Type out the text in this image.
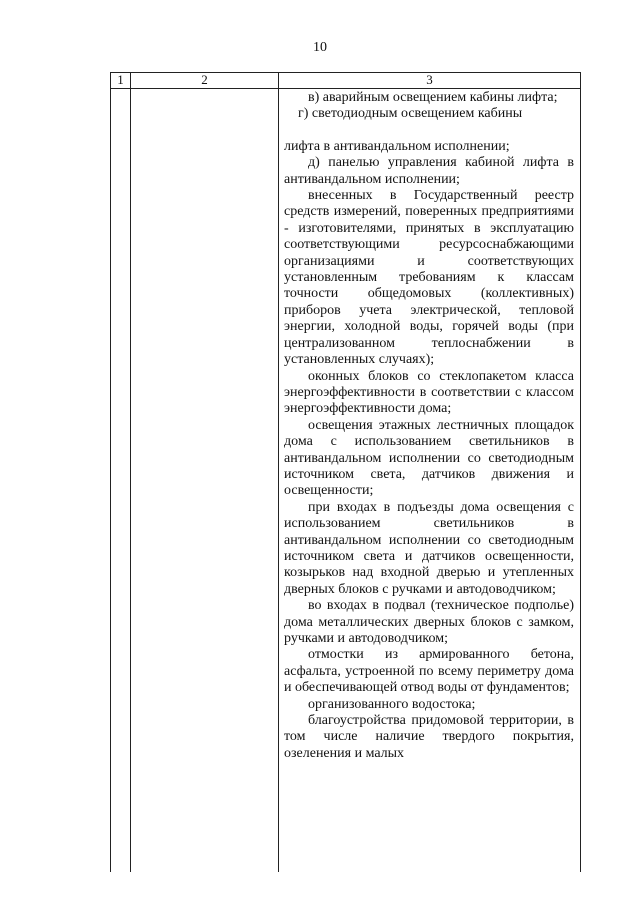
10
1	2	3

в) аварийным освещением кабины лифта;

г) светодиодным освещением кабины

лифта в антивандальном исполнении;

д) панелью управления кабиной лифта в антивандальном исполнении;

внесенных в Государственный реестр средств измерений, поверенных предприятиями - изготовителями, принятых в эксплуатацию соответствующими ресурсоснабжающими организациями и соответствующих установленным требованиям к классам точности общедомовых (коллективных) приборов учета электрической, тепловой энергии, холодной воды, горячей воды (при централизованном теплоснабжении в установленных случаях);

оконных блоков со стеклопакетом класса энергоэффективности в соответствии с классом энергоэффективности дома;

освещения этажных лестничных площадок дома с использованием светильников в антивандальном исполнении со светодиодным источником света, датчиков движения и освещенности;

при входах в подъезды дома освещения с использованием светильников в антивандальном исполнении со светодиодным источником света и датчиков освещенности, козырьков над входной дверью и утепленных дверных блоков с ручками и автодоводчиком;

во входах в подвал (техническое подполье) дома металлических дверных блоков с замком, ручками и автодоводчиком;

отмостки из армированного бетона, асфальта, устроенной по всему периметру дома и обеспечивающей отвод воды от фундаментов;

организованного водостока;

благоустройства придомовой территории, в том числе наличие твердого покрытия, озеленения и малых
